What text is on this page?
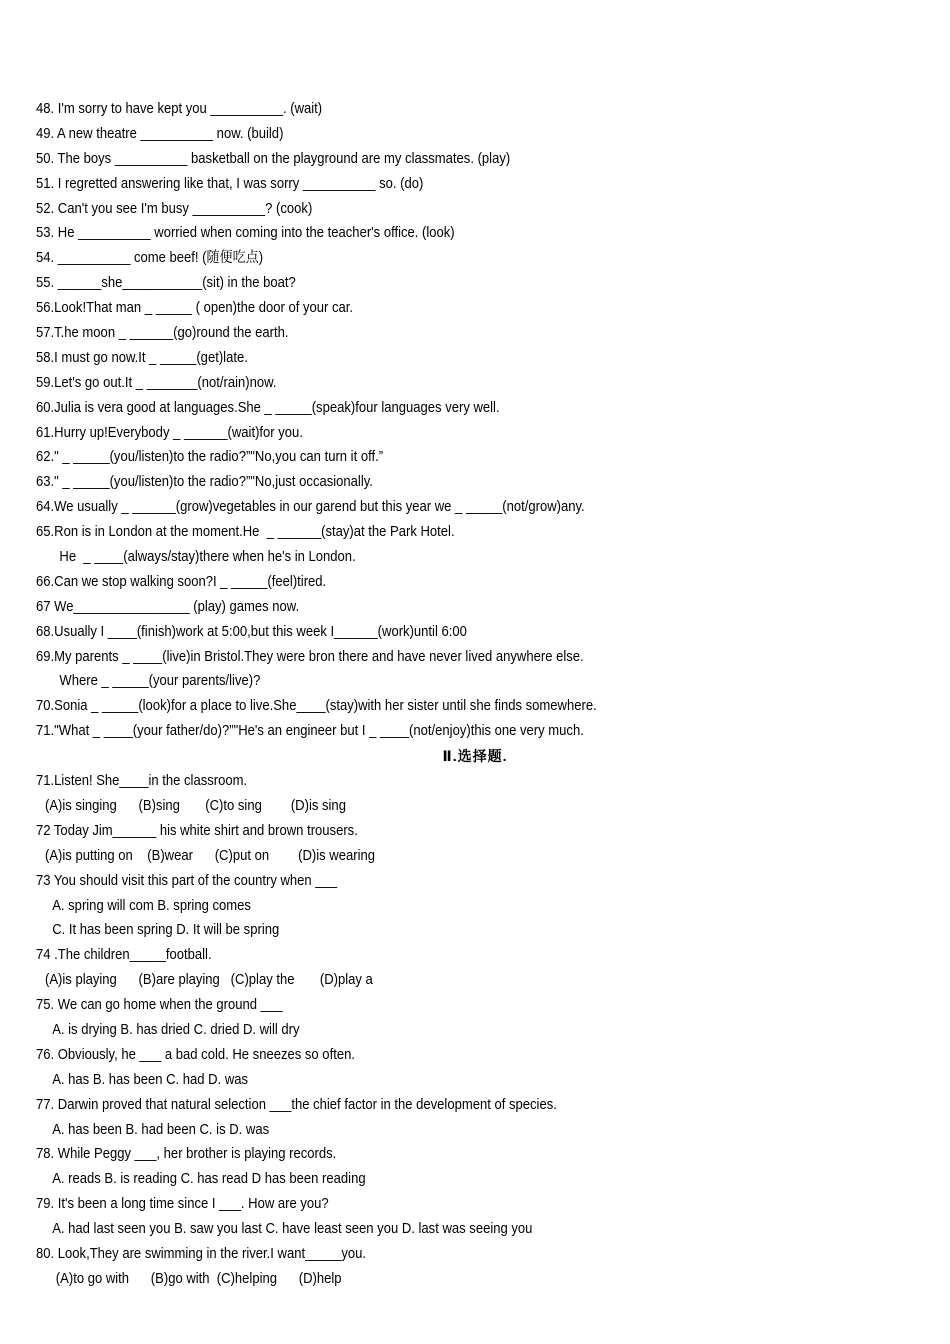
48. I'm sorry to have kept you __________. (wait)
49. A new theatre __________ now. (build)
50. The boys __________ basketball on the playground are my classmates. (play)
51. I regretted answering like that, I was sorry __________ so. (do)
52. Can't you see I'm busy __________? (cook)
53. He __________ worried when coming into the teacher's office. (look)
54. __________ come beef! (随便吃点)
55. ______she___________(sit) in the boat?
56.Look!That man _ _____ ( open)the door of your car.
57.T.he moon _ ______(go)round the earth.
58.I must go now.It _ _____(get)late.
59.Let's go out.It _ _______(not/rain)now.
60.Julia is vera good at languages.She _ _____(speak)four languages very well.
61.Hurry up!Everybody _ ______(wait)for you.
62." _ _____(you/listen)to the radio?”"No,you can turn it off.”
63." _ _____(you/listen)to the radio?”"No,just occasionally.
64.We usually _ ______(grow)vegetables in our garend but this year we _ _____(not/grow)any.
65.Ron is in London at the moment.He  _ ______(stay)at the Park Hotel.
He  _ ____(always/stay)there when he's in London.
66.Can we stop walking soon?I _ _____(feel)tired.
67 We________________ (play) games now.
68.Usually I ____(finish)work at 5:00,but this week I______(work)until 6:00
69.My parents _ ____(live)in Bristol.They were bron there and have never lived anywhere else.
Where _ _____(your parents/live)?
70.Sonia _ _____(look)for a place to live.She____(stay)with her sister until she finds somewhere.
71."What _ ____(your father/do)?”"He's an engineer but I _ ____(not/enjoy)this one very much.
Ⅱ.选择题.
71.Listen! She____in the classroom.
(A)is singing      (B)sing       (C)to sing        (D)is sing
72 Today Jim______ his white shirt and brown trousers.
(A)is putting on    (B)wear      (C)put on        (D)is wearing
73 You should visit this part of the country when ___
A. spring will com B. spring comes
C. It has been spring D. It will be spring
74 .The children_____football.
(A)is playing      (B)are playing   (C)play the       (D)play a
75. We can go home when the ground ___
A. is drying B. has dried C. dried D. will dry
76. Obviously, he ___ a bad cold. He sneezes so often.
A. has B. has been C. had D. was
77. Darwin proved that natural selection ___the chief factor in the development of species.
A. has been B. had been C. is D. was
78. While Peggy ___, her brother is playing records.
A. reads B. is reading C. has read D has been reading
79. It's been a long time since I ___. How are you?
A. had last seen you B. saw you last C. have least seen you D. last was seeing you
80. Look,They are swimming in the river.I want_____you.
(A)to go with      (B)go with  (C)helping      (D)help
